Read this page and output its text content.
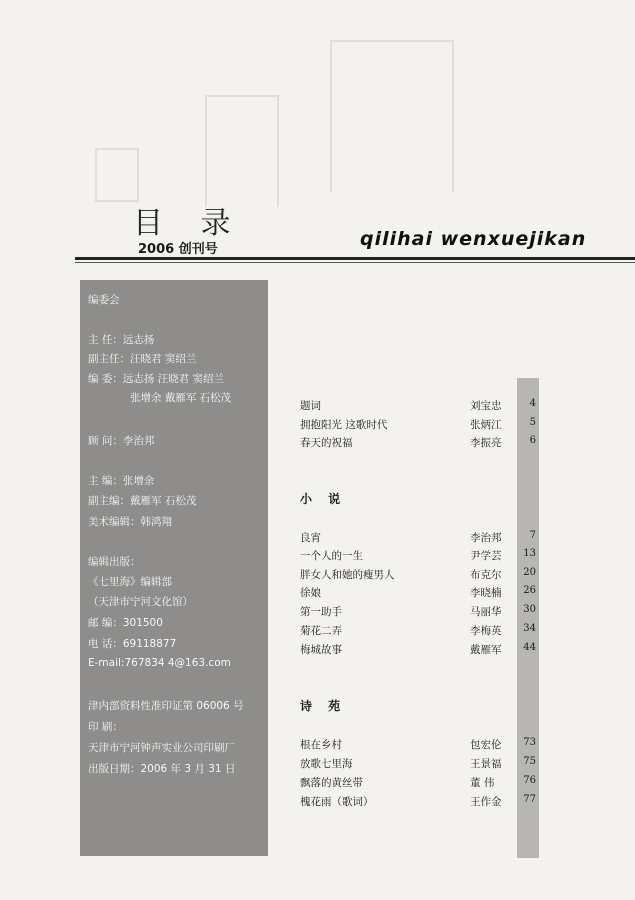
目 录
2006 创刊号	qilihai wenxuejikan
编委会
主 任：远志扬
副主任：汪晓君 窦绍兰
编 委：远志扬 汪晓君 窦绍兰
张增余 戴雁军 石松茂
顾 问：李治邦
主 编：张增余
副主编：戴雁军 石松茂
美术编辑：韩鸿翔
编辑出版：
《七里海》编辑部
（天津市宁河文化馆）
邮 编：301500
电 话：69118877
E-mail:767834 4@163.com
津内部资料性准印证第 06006 号
印 刷：
天津市宁河钟声实业公司印刷厂
出版日期：2006 年 3 月 31 日
题词	刘宝忠	4
拥抱阳光 这歌时代	张炳江	5
春天的祝福	李振亮	6
小 说
良宵	李治邦	7
一个人的一生	尹学芸 13
胖女人和她的瘦男人	布克尔 20
徐娘	李晓楠 26
第一助手	马丽华 30
菊花二弄	李梅英 34
梅城故事	戴雁军 44
诗 苑
根在乡村	包宏伦 73
放歌七里海	王景福 75
飘落的黄丝带	董 伟	76
槐花雨（歌词）	王作金 77
